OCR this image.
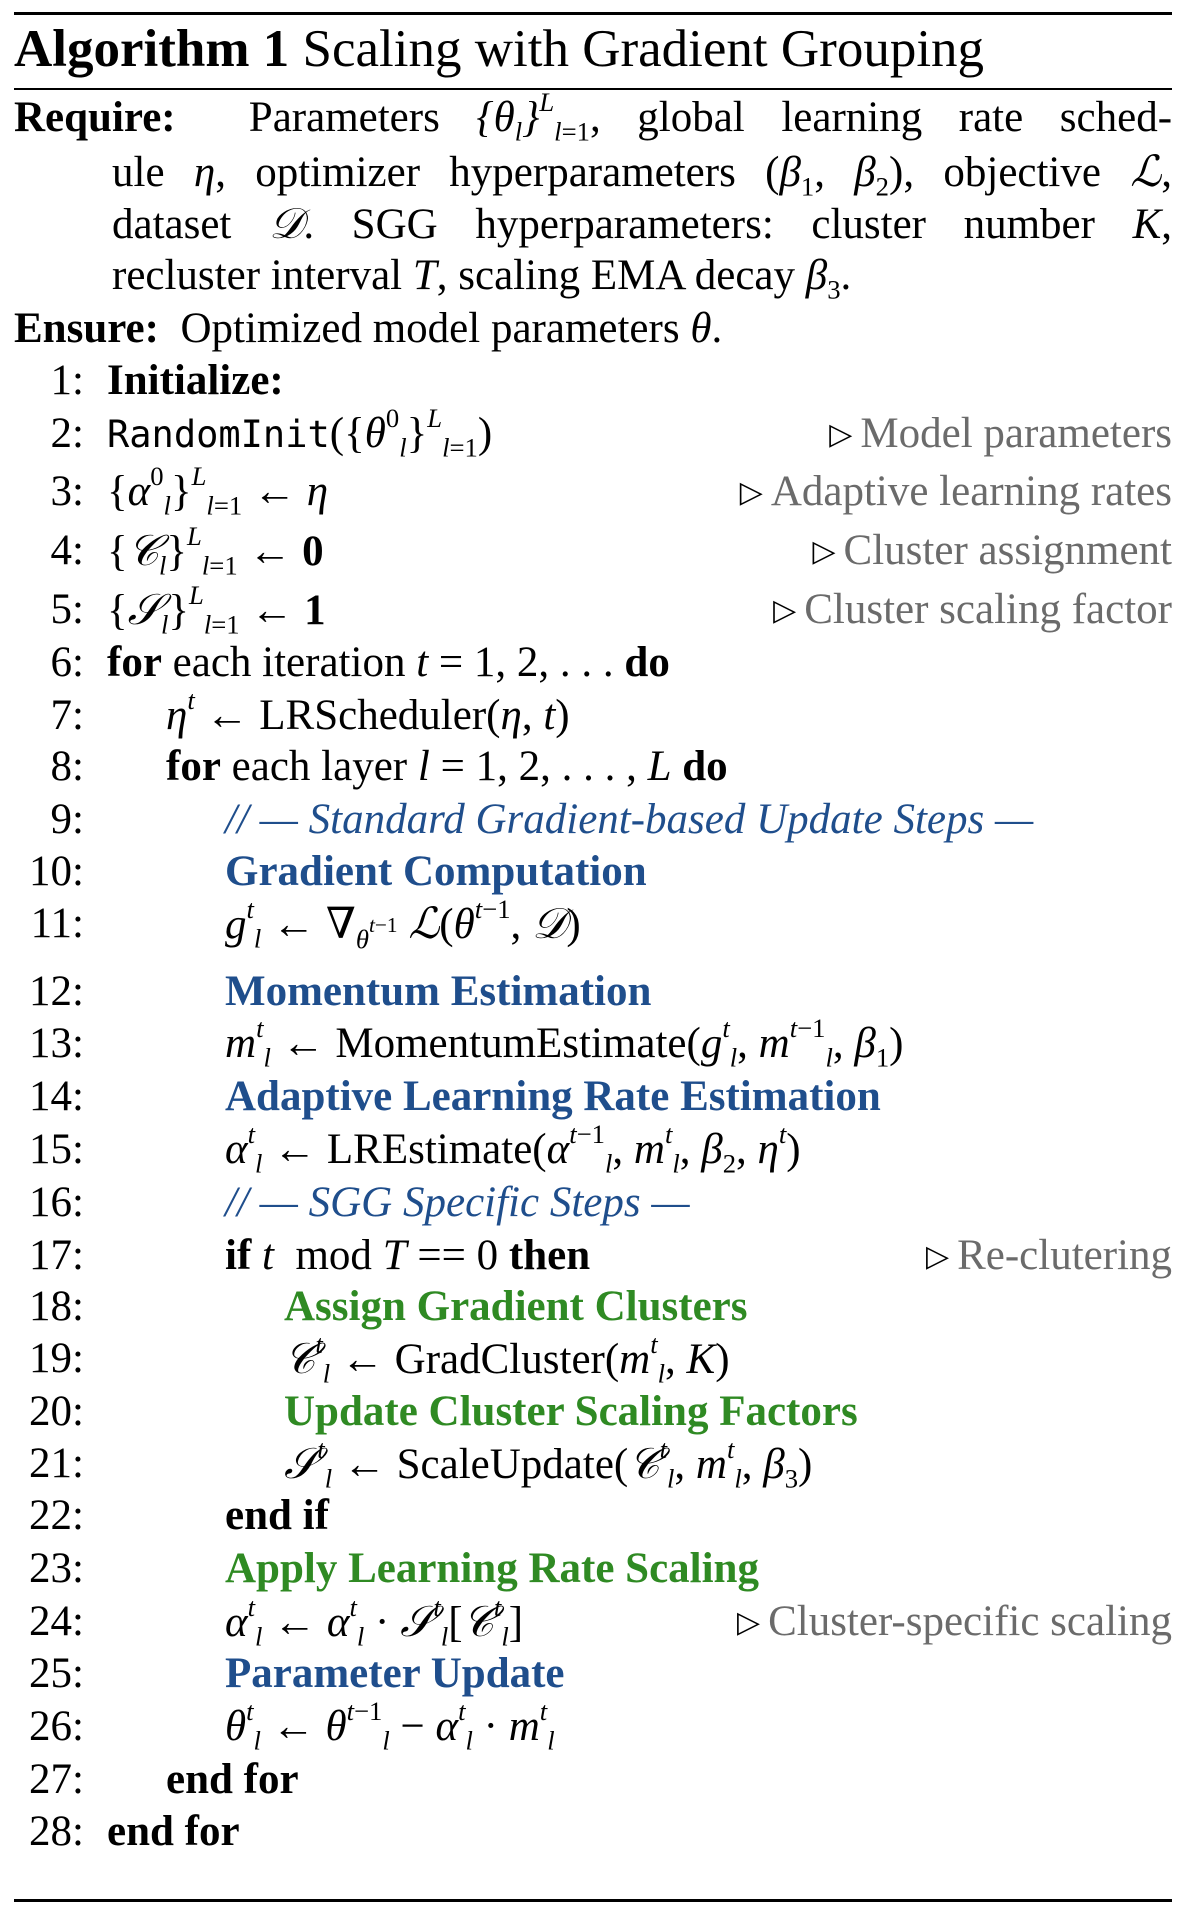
Algorithm 1 Scaling with Gradient Grouping
Require: Parameters $\{\theta_l\}^L_{l=1}$, global learning rate sched-
ule η, optimizer hyperparameters ($\beta_1$, $\beta_2$), objective ℒ,
dataset 𝒟. SGG hyperparameters: cluster number K,
recluster interval T, scaling EMA decay $\beta_3$.
Ensure: Optimized model parameters θ.
1: Initialize:
2: $RandomInit(\{\theta^0_l\}^L_{l=1})$	▷ Model parameters
3: $\{\alpha^0_l\}^L_{l=1}$ ← η	▷ Adaptive learning rates
4: {𝒞$_l$}$^L_{l=1}$ ← 0	▷ Cluster assignment
5: {𝒮$_l$}$^L_{l=1}$ ← 1	▷ Cluster scaling factor
6: for each iteration t = 1, 2, . . . do
7: $\eta^t$ ← LRScheduler(η, t)
8: for each layer l = 1, 2, . . . , L do
9:	// — Standard Gradient-based Update Steps —
10:	Gradient Computation
11:	$g^t_l$ ← $\nabla_{\theta^{t-1}}$ $ℒ(\theta^{t-1}$, 𝒟)
12:	Momentum Estimation
13:	$m^t_l$ ← $MomentumEstimate(g^t_l$, $m^{t-1}_l$, $\beta_1$)
14:	Adaptive Learning Rate Estimation
15:	$\alpha^t_l$ ← $LREstimate(\alpha^{t-1}_l$, $m^t_l$, $\beta_2$, $\eta^t$)
16:	// — SGG Specific Steps —
17:	if t mod T == 0 then	▷ Re-clutering
18:	Assign Gradient Clusters
19:	𝒞$^t_l$ ← $GradCluster(m^t_l$, K)
20:	Update Cluster Scaling Factors
21:	𝒮$^t_l$ ← ScaleUpdate(𝒞$^t_l$, $m^t_l$, $\beta_3$)
22:	end if
23:	Apply Learning Rate Scaling
24:	$\alpha^t_l$ ← $\alpha^t_l$ · 𝒮$^t_l$[𝒞$^t_l$]	▷ Cluster-specific scaling
25:	Parameter Update
26:	$\theta^t_l$ ← $\theta^{t-1}_l - \alpha^t_l \cdot m^t_l$
27: end for
28: end for
